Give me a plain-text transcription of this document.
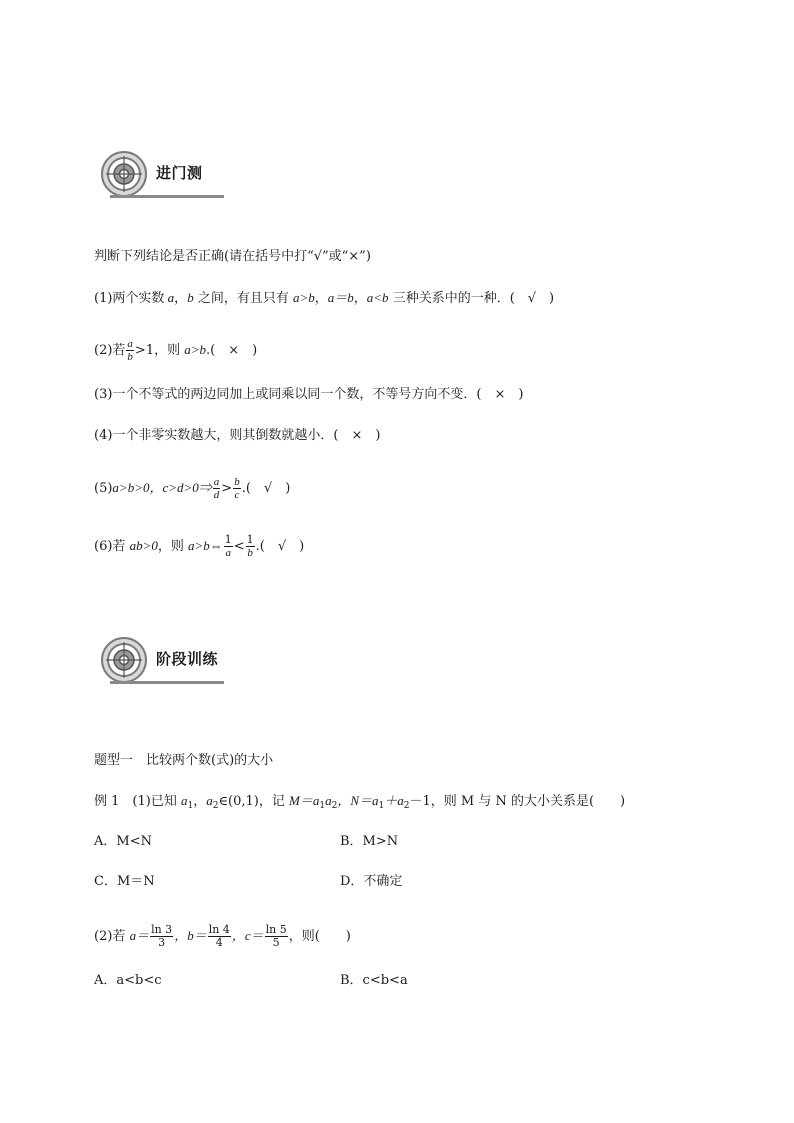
进门测
判断下列结论是否正确(请在括号中打“√”或“×”)
(1)两个实数 a，b 之间，有且只有 a>b，a＝b，a<b 三种关系中的一种．(　√　)
(2)若 $\frac{a}{b} >1$，则 a>b.(　×　)
(3)一个不等式的两边同加上或同乘以同一个数，不等号方向不变．(　×　)
(4)一个非零实数越大，则其倒数就越小．(　×　)
(5)a>b>0，c>d>0⇒ $\frac{a}{d} > \frac{b}{c}$ .(　√　)
(6)若 ab>0，则 a>b⇔ $\frac{1}{a} < \frac{1}{b}$ .(　√　)
阶段训练
题型一　比较两个数(式)的大小
例 1　(1)已知 $a_1$，$a_2\in(0,1)$，记 $M=a_1a_2$，$N=a_1+a_2-1$，则 M 与 N 的大小关系是(　　)
A．M<N	B．M>N
C．M＝N	D．不确定
(2)若 $a= \frac{\ln 3}{3}$ ，$b= \frac{\ln 4}{4}$ ，$c= \frac{\ln 5}{5}$ ，则(　　)
A．a<b<c	B．c<b<a
